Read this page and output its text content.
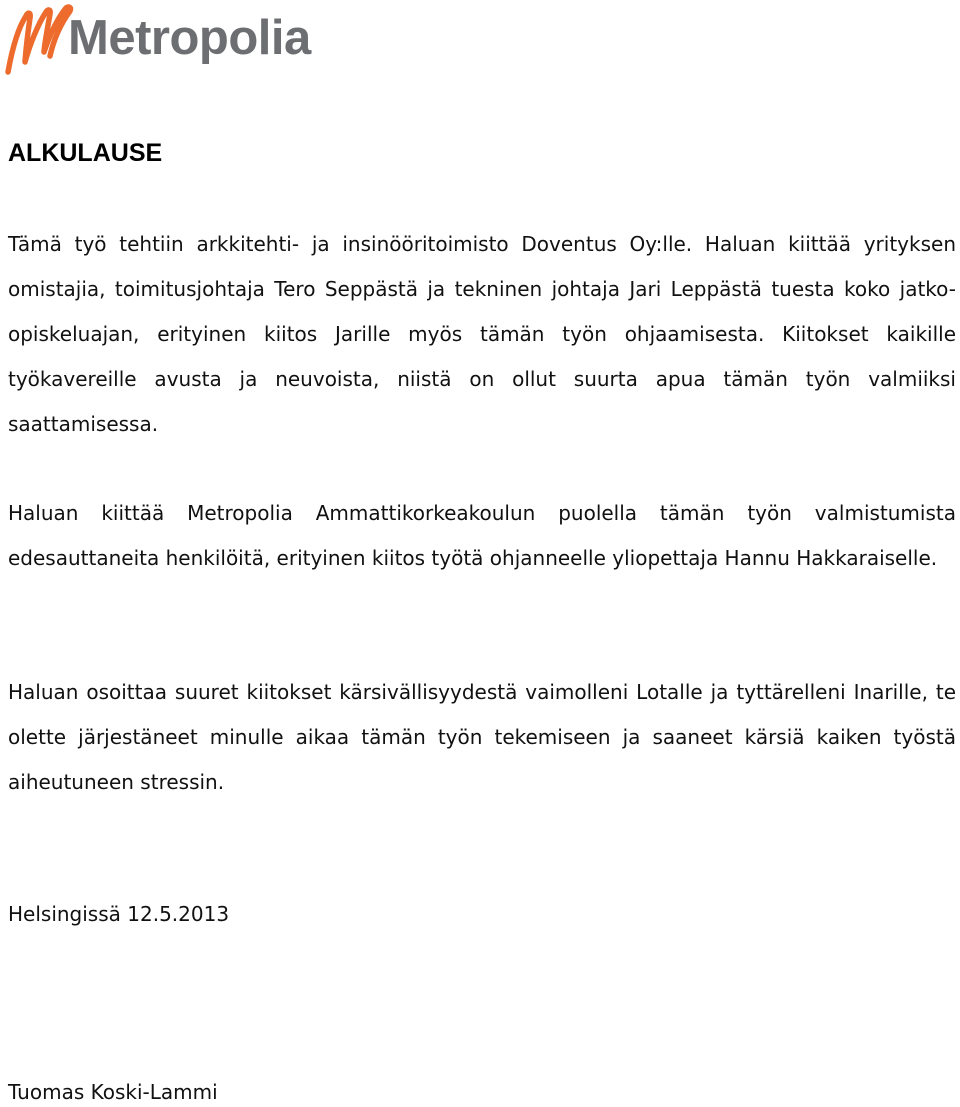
Metropolia
ALKULAUSE

Tämä työ tehtiin arkkitehti- ja insinööritoimisto Doventus Oy:lle. Haluan kiittää yrityksen omistajia, toimitusjohtaja Tero Seppästä ja tekninen johtaja Jari Leppästä tuesta koko jatko-opiskeluajan, erityinen kiitos Jarille myös tämän työn ohjaamisesta. Kiitokset kaikille työkavereille avusta ja neuvoista, niistä on ollut suurta apua tämän työn valmiiksi saattamisessa.

Haluan kiittää Metropolia Ammattikorkeakoulun puolella tämän työn valmistumista edesauttaneita henkilöitä, erityinen kiitos työtä ohjanneelle yliopettaja Hannu Hakkaraiselle.

Haluan osoittaa suuret kiitokset kärsivällisyydestä vaimolleni Lotalle ja tyttärelleni Inarille, te olette järjestäneet minulle aikaa tämän työn tekemiseen ja saaneet kärsiä kaiken työstä aiheutuneen stressin.

Helsingissä 12.5.2013

Tuomas Koski-Lammi
